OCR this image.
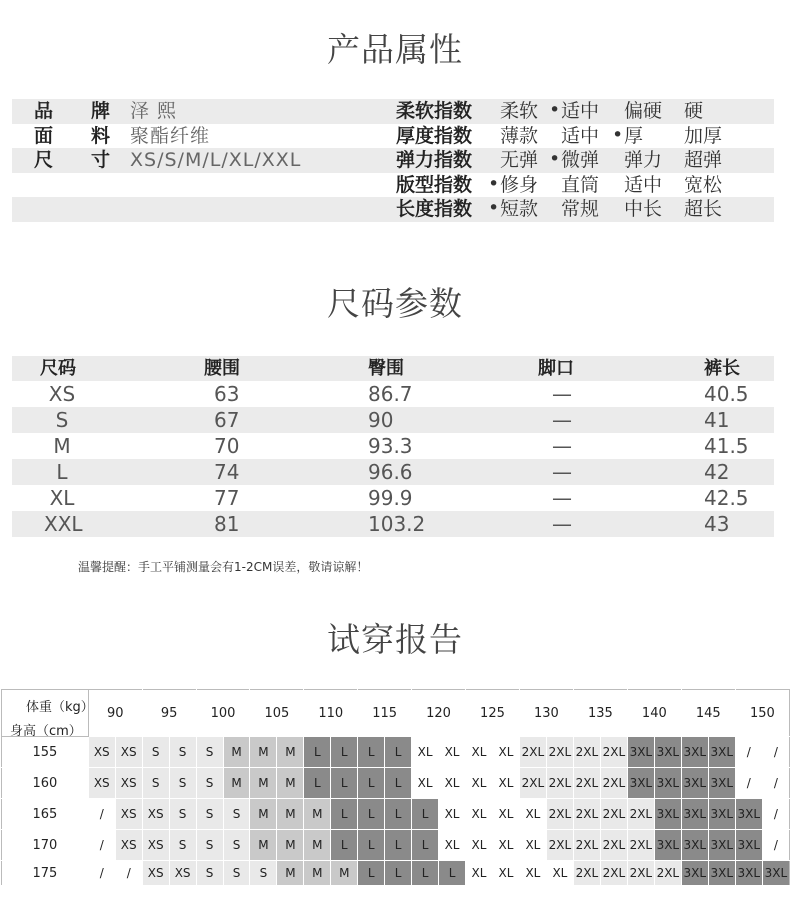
产品属性
品　　牌 泽 熙	柔软指数	柔软 • 适中 偏硬 硬
面　　料 聚酯纤维	厚度指数	薄款 适中 • 厚 加厚
尺　　寸 XS/S/M/L/XL/XXL	弹力指数	无弹 • 微弹 弹力 超弹
版型指数 • 修身 直筒 适中 宽松
长度指数 • 短款 常规 中长 超长
尺码参数
尺码	腰围	臀围	脚口	裤长
XS	63	86.7	—	40.5
S	67	90	—	41
M	70	93.3	—	41.5
L	74	96.6	—	42
XL	77	99.9	—	42.5
XXL	81	103.2	—	43
温馨提醒：手工平铺测量会有1-2CM误差，敬请谅解！
试穿报告
体重（kg）
身高（cm）	90		95		100		105		110		115		120		125		130		135		140		145		150	
155	XS	XS	S	S	S	M	M	M	L	L	L	L	XL	XL	XL	XL	2XL	2XL	2XL	2XL	3XL	3XL	3XL	3XL	/	/
160	XS	XS	S	S	S	M	M	M	L	L	L	L	XL	XL	XL	XL	2XL	2XL	2XL	2XL	3XL	3XL	3XL	3XL	/	/
165	/	XS	XS	S	S	S	M	M	M	L	L	L	L	XL	XL	XL	XL	2XL	2XL	2XL	2XL	3XL	3XL	3XL	3XL	/
170	/	XS	XS	S	S	S	M	M	M	L	L	L	L	XL	XL	XL	XL	2XL	2XL	2XL	2XL	3XL	3XL	3XL	3XL	/
175	/	/	XS	XS	S	S	S	M	M	M	L	L	L	L	XL	XL	XL	XL	2XL	2XL	2XL	2XL	3XL	3XL	3XL	3XL
